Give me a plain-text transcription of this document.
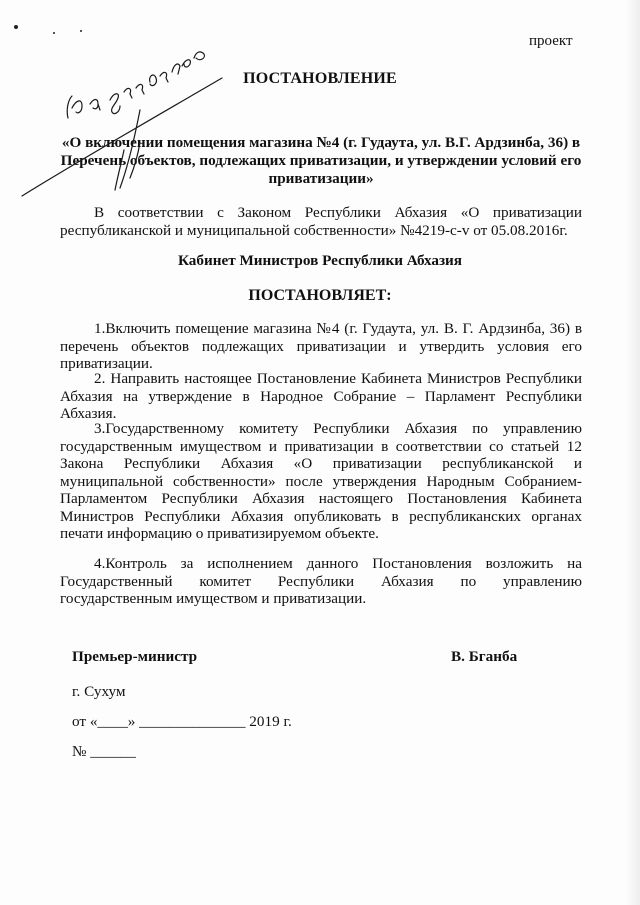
проект
ПОСТАНОВЛЕНИЕ
«О включении помещения магазина №4 (г. Гудаута, ул. В.Г. Ардзинба, 36) в Перечень объектов, подлежащих приватизации, и утверждении условий его приватизации»
В соответствии с Законом Республики Абхазия «О приватизации республиканской и муниципальной собственности» №4219-с-v от 05.08.2016г.
Кабинет Министров Республики Абхазия
ПОСТАНОВЛЯЕТ:
1.Включить помещение магазина №4 (г. Гудаута, ул. В. Г. Ардзинба, 36) в перечень объектов подлежащих приватизации и утвердить условия его приватизации.
2. Направить настоящее Постановление Кабинета Министров Республики Абхазия на утверждение в Народное Собрание – Парламент Республики Абхазия.
3.Государственному комитету Республики Абхазия по управлению государственным имуществом и приватизации в соответствии со статьей 12 Закона Республики Абхазия «О приватизации республиканской и муниципальной собственности» после утверждения Народным Собранием-Парламентом Республики Абхазия настоящего Постановления Кабинета Министров Республики Абхазия опубликовать в республиканских органах печати информацию о приватизируемом объекте.
4.Контроль за исполнением данного Постановления возложить на Государственный комитет Республики Абхазия по управлению государственным имуществом и приватизации.
Премьер-министр	В. Бганба
г. Сухум
от «____» ______________ 2019 г.
№ ______
